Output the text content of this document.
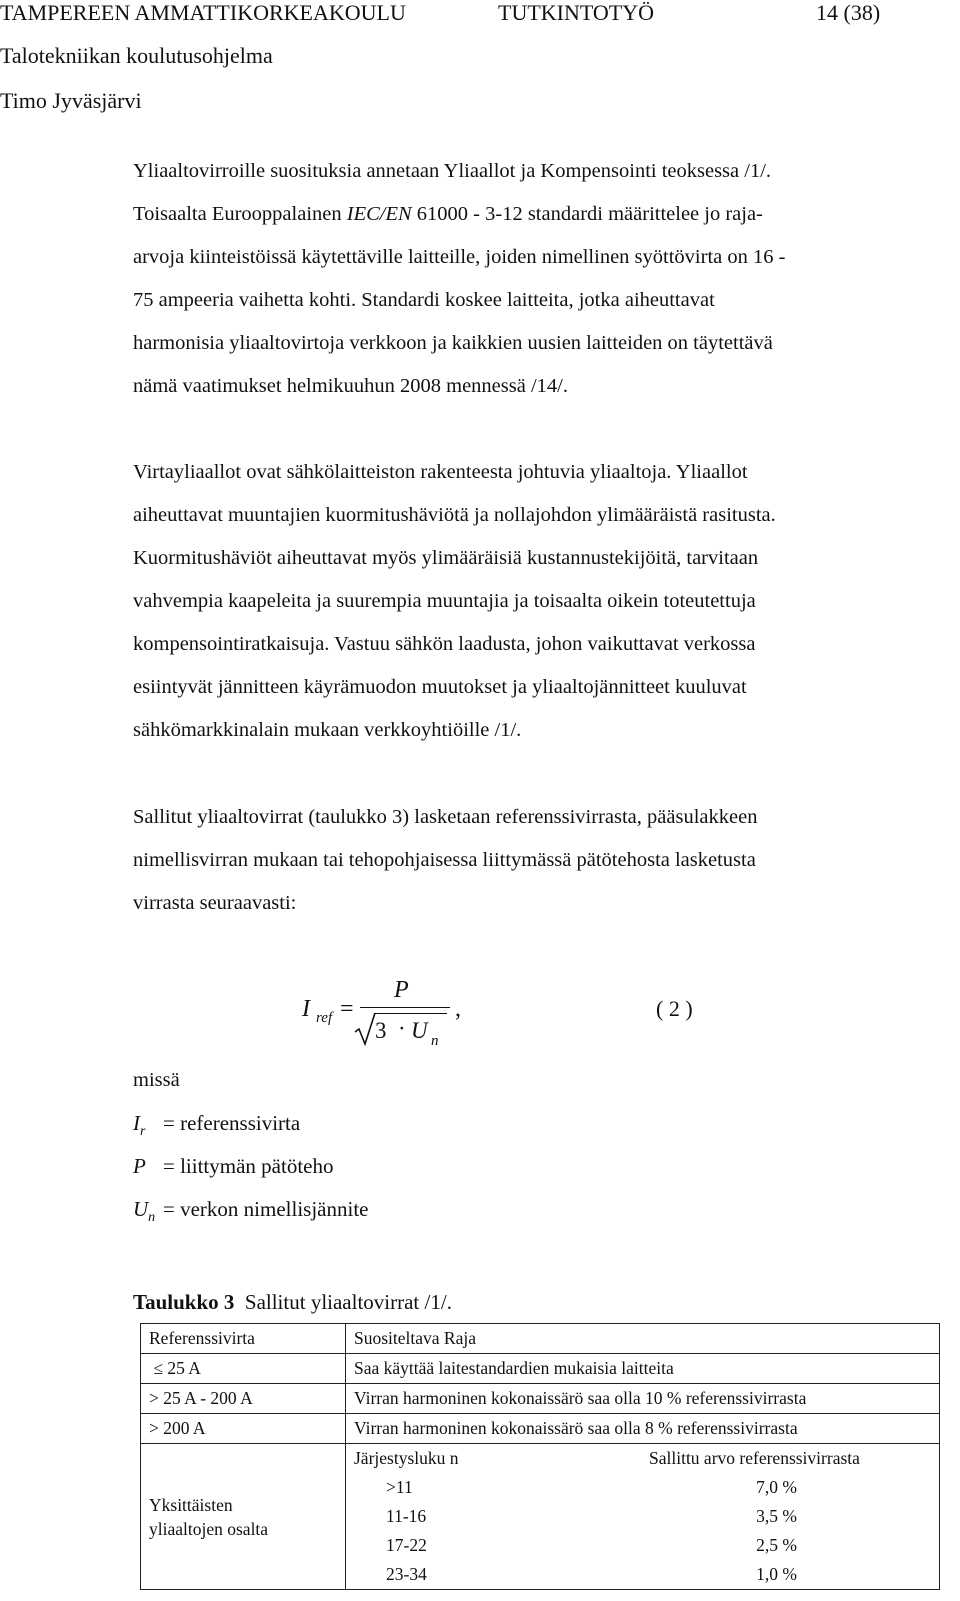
TAMPEREEN AMMATTIKORKEAKOULU	TUTKINTOTYÖ	14 (38)
Talotekniikan koulutusohjelma
Timo Jyväsjärvi

Yliaaltovirroille suosituksia annetaan Yliaallot ja Kompensointi teoksessa /1/.
Toisaalta Eurooppalainen IEC/EN 61000 - 3-12 standardi määrittelee jo raja-
arvoja kiinteistöissä käytettäville laitteille, joiden nimellinen syöttövirta on 16 -
75 ampeeria vaihetta kohti. Standardi koskee laitteita, jotka aiheuttavat
harmonisia yliaaltovirtoja verkkoon ja kaikkien uusien laitteiden on täytettävä
nämä vaatimukset helmikuuhun 2008 mennessä /14/.

Virtayliaallot ovat sähkölaitteiston rakenteesta johtuvia yliaaltoja. Yliaallot
aiheuttavat muuntajien kuormitushäviötä ja nollajohdon ylimääräistä rasitusta.
Kuormitushäviöt aiheuttavat myös ylimääräisiä kustannustekijöitä, tarvitaan
vahvempia kaapeleita ja suurempia muuntajia ja toisaalta oikein toteutettuja
kompensointiratkaisuja. Vastuu sähkön laadusta, johon vaikuttavat verkossa
esiintyvät jännitteen käyrämuodon muutokset ja yliaaltojännitteet kuuluvat
sähkömarkkinalain mukaan verkkoyhtiöille /1/.

Sallitut yliaaltovirrat (taulukko 3) lasketaan referenssivirrasta, pääsulakkeen
nimellisvirran mukaan tai tehopohjaisessa liittymässä pätötehosta lasketusta
virrasta seuraavasti:

I ref =
P
3 · U n
,	( 2 )
missä
$I_r$ = referenssivirta
P = liittymän pätöteho
$U_n$ = verkon nimellisjännite
Taulukko 3 Sallitut yliaaltovirrat /1/.
Referenssivirta	Suositeltava Raja
≤ 25 A	Saa käyttää laitestandardien mukaisia laitteita
> 25 A - 200 A	Virran harmoninen kokonaissärö saa olla 10 % referenssivirrasta
> 200 A	Virran harmoninen kokonaissärö saa olla 8 % referenssivirrasta

Yksittäisten
yliaaltojen osalta

Järjestysluku n	Sallittu arvo referenssivirrasta
>11	7,0 %
11-16	3,5 %
17-22	2,5 %
23-34	1,0 %
